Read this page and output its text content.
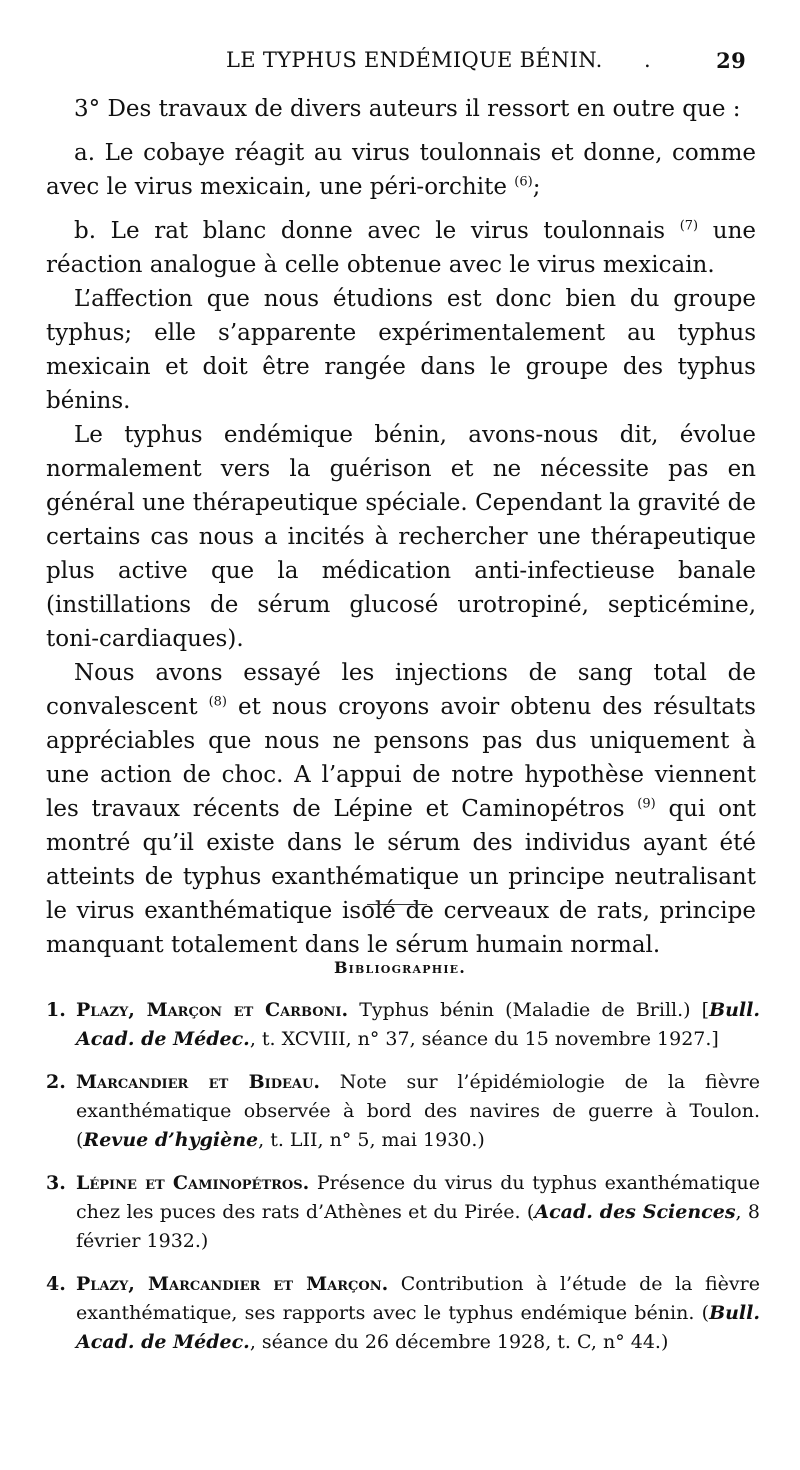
LE TYPHUS ENDÉMIQUE BÉNIN. .	29

3° Des travaux de divers auteurs il ressort en outre que :

a. Le cobaye réagit au virus toulonnais et donne, comme avec le virus mexicain, une péri-orchite $^{(6)}$;

b. Le rat blanc donne avec le virus toulonnais $^{(7)}$ une réaction analogue à celle obtenue avec le virus mexicain.

L’affection que nous étudions est donc bien du groupe typhus; elle s’apparente expérimentalement au typhus mexicain et doit être rangée dans le groupe des typhus bénins.

Le typhus endémique bénin, avons-nous dit, évolue normalement vers la guérison et ne nécessite pas en général une thérapeutique spéciale. Cependant la gravité de certains cas nous a incités à rechercher une thérapeutique plus active que la médication anti-infectieuse banale (instillations de sérum glucosé urotropiné, septicémine, toni-cardiaques).

Nous avons essayé les injections de sang total de convalescent $^{(8)}$ et nous croyons avoir obtenu des résultats appréciables que nous ne pensons pas dus uniquement à une action de choc. A l’appui de notre hypothèse viennent les travaux récents de Lépine et Caminopétros $^{(9)}$ qui ont montré qu’il existe dans le sérum des individus ayant été atteints de typhus exanthématique un principe neutralisant le virus exanthématique isolé de cerveaux de rats, principe manquant totalement dans le sérum humain normal.

Bibliographie.
1. Plazy, Marçon et Carboni. Typhus bénin (Maladie de Brill.) [Bull. Acad. de Médec., t. XCVIII, n° 37, séance du 15 novembre 1927.]
2. Marcandier et Bideau. Note sur l’épidémiologie de la fièvre exanthématique observée à bord des navires de guerre à Toulon. (Revue d’hygiène, t. LII, n° 5, mai 1930.)
3. Lépine et Caminopétros. Présence du virus du typhus exanthématique chez les puces des rats d’Athènes et du Pirée. (Acad. des Sciences, 8 février 1932.)
4. Plazy, Marcandier et Marçon. Contribution à l’étude de la fièvre exanthématique, ses rapports avec le typhus endémique bénin. (Bull. Acad. de Médec., séance du 26 décembre 1928, t. C, n° 44.)
